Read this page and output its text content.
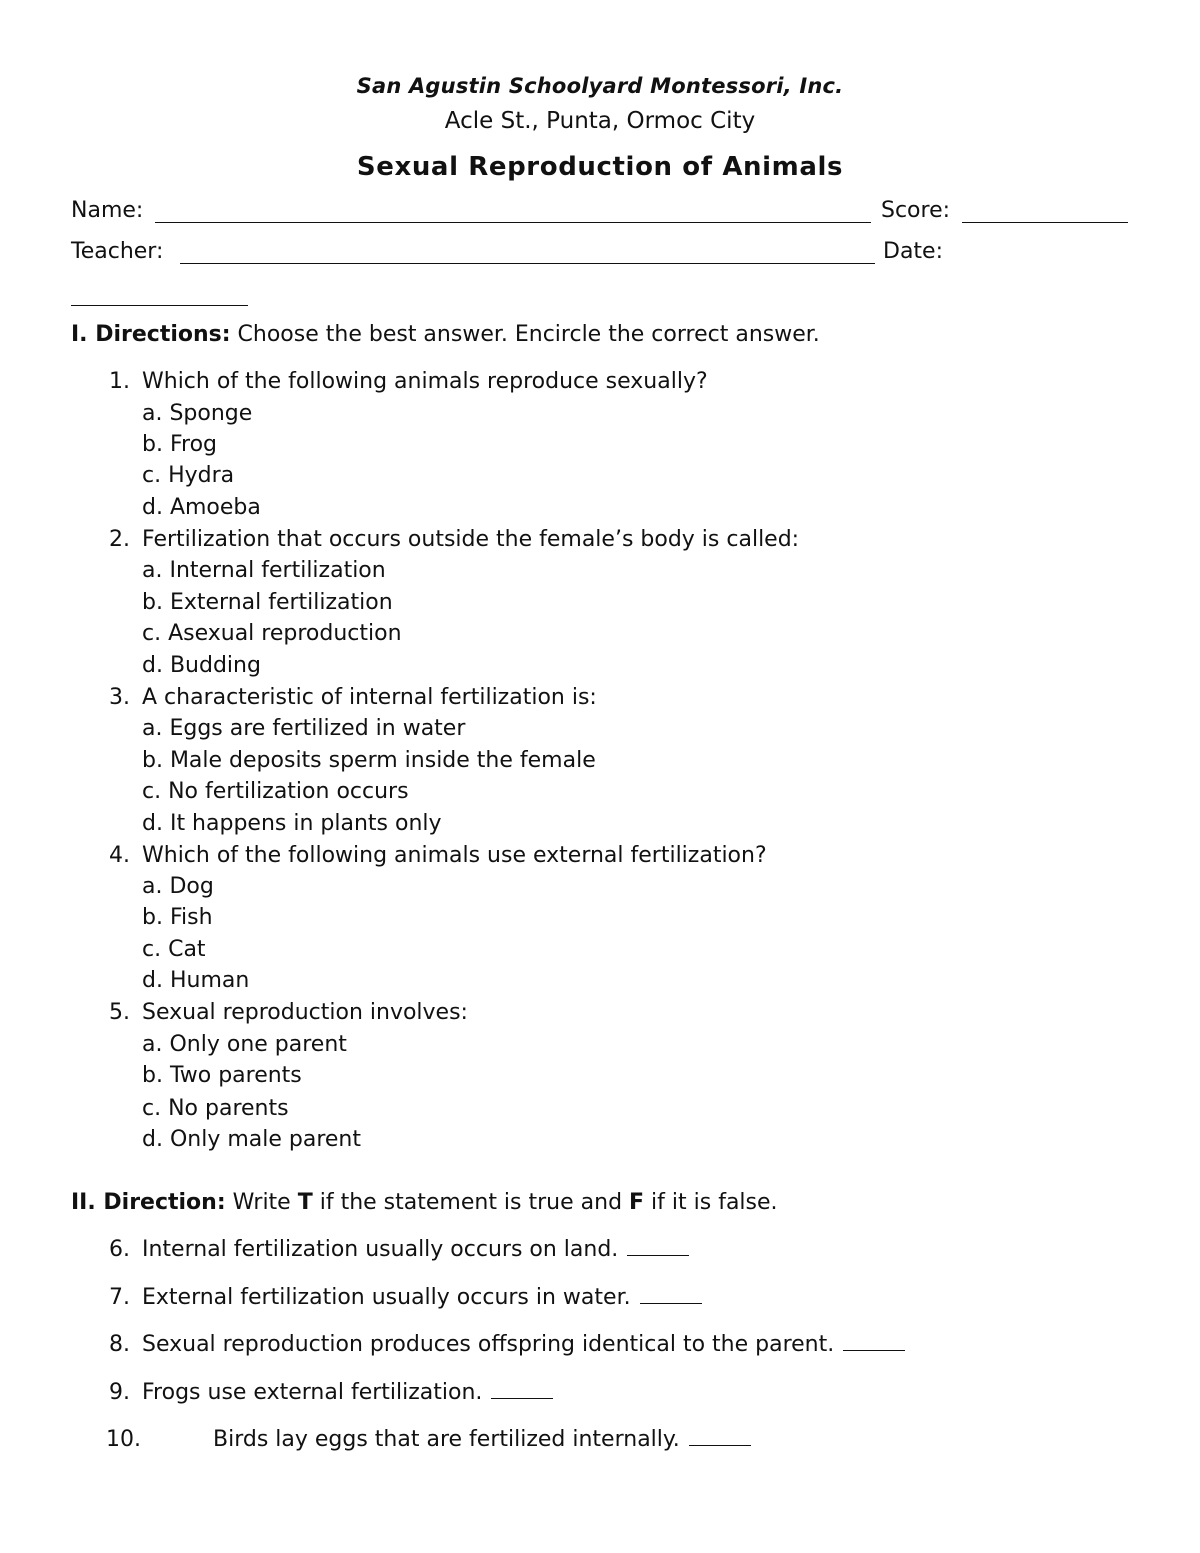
San Agustin Schoolyard Montessori, Inc.
Acle St., Punta, Ormoc City
Sexual Reproduction of Animals
Name:	Score:
Teacher:	Date:
I. Directions: Choose the best answer. Encircle the correct answer.
1. Which of the following animals reproduce sexually?
a. Sponge
b. Frog
c. Hydra
d. Amoeba
2. Fertilization that occurs outside the female’s body is called:
a. Internal fertilization
b. External fertilization
c. Asexual reproduction
d. Budding
3. A characteristic of internal fertilization is:
a. Eggs are fertilized in water
b. Male deposits sperm inside the female
c. No fertilization occurs
d. It happens in plants only
4. Which of the following animals use external fertilization?
a. Dog
b. Fish
c. Cat
d. Human
5. Sexual reproduction involves:
a. Only one parent
b. Two parents
c. No parents
d. Only male parent
II. Direction: Write T if the statement is true and F if it is false.
6. Internal fertilization usually occurs on land.
7. External fertilization usually occurs in water.
8. Sexual reproduction produces offspring identical to the parent.
9. Frogs use external fertilization.
10.	Birds lay eggs that are fertilized internally.
